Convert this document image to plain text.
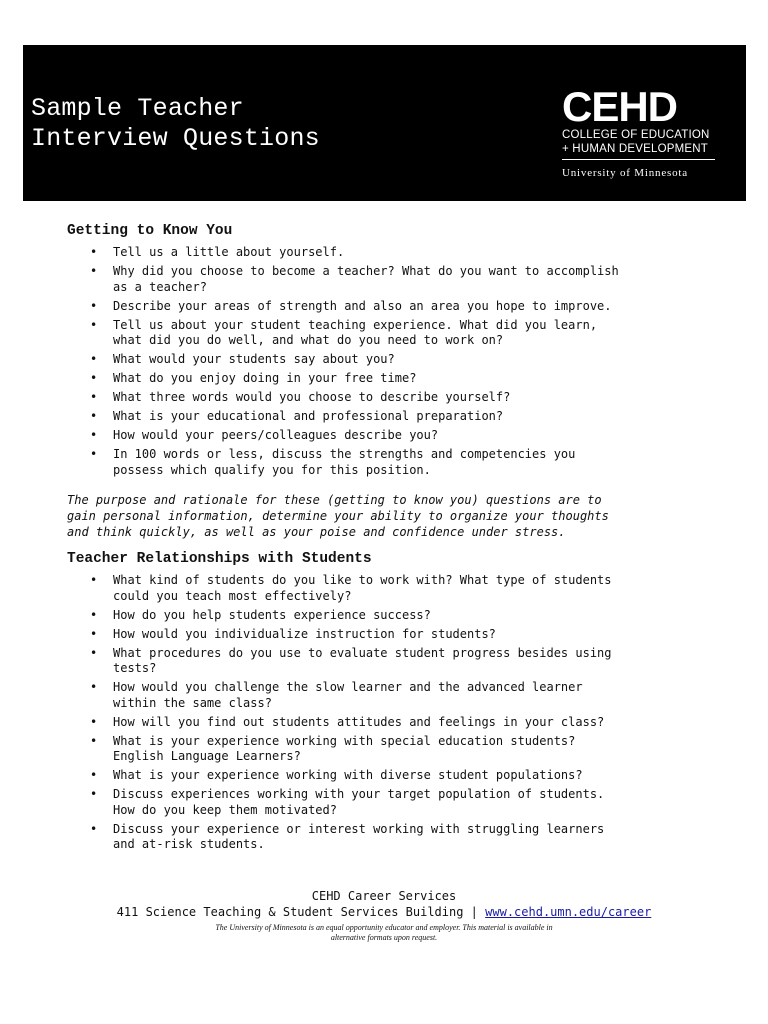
Sample Teacher
Interview Questions
CEHD
COLLEGE OF EDUCATION
+ HUMAN DEVELOPMENT
University of Minnesota
Getting to Know You
• Tell us a little about yourself.
• Why did you choose to become a teacher? What do you want to accomplish
as a teacher?
• Describe your areas of strength and also an area you hope to improve.
• Tell us about your student teaching experience. What did you learn,
what did you do well, and what do you need to work on?
• What would your students say about you?
• What do you enjoy doing in your free time?
• What three words would you choose to describe yourself?
• What is your educational and professional preparation?
• How would your peers/colleagues describe you?
• In 100 words or less, discuss the strengths and competencies you
possess which qualify you for this position.
The purpose and rationale for these (getting to know you) questions are to
gain personal information, determine your ability to organize your thoughts
and think quickly, as well as your poise and confidence under stress.
Teacher Relationships with Students
• What kind of students do you like to work with? What type of students
could you teach most effectively?
• How do you help students experience success?
• How would you individualize instruction for students?
• What procedures do you use to evaluate student progress besides using
tests?
• How would you challenge the slow learner and the advanced learner
within the same class?
• How will you find out students attitudes and feelings in your class?
• What is your experience working with special education students?
English Language Learners?
• What is your experience working with diverse student populations?
• Discuss experiences working with your target population of students.
How do you keep them motivated?
• Discuss your experience or interest working with struggling learners
and at-risk students.
CEHD Career Services
411 Science Teaching & Student Services Building | www.cehd.umn.edu/career
The University of Minnesota is an equal opportunity educator and employer. This material is available in
alternative formats upon request.
